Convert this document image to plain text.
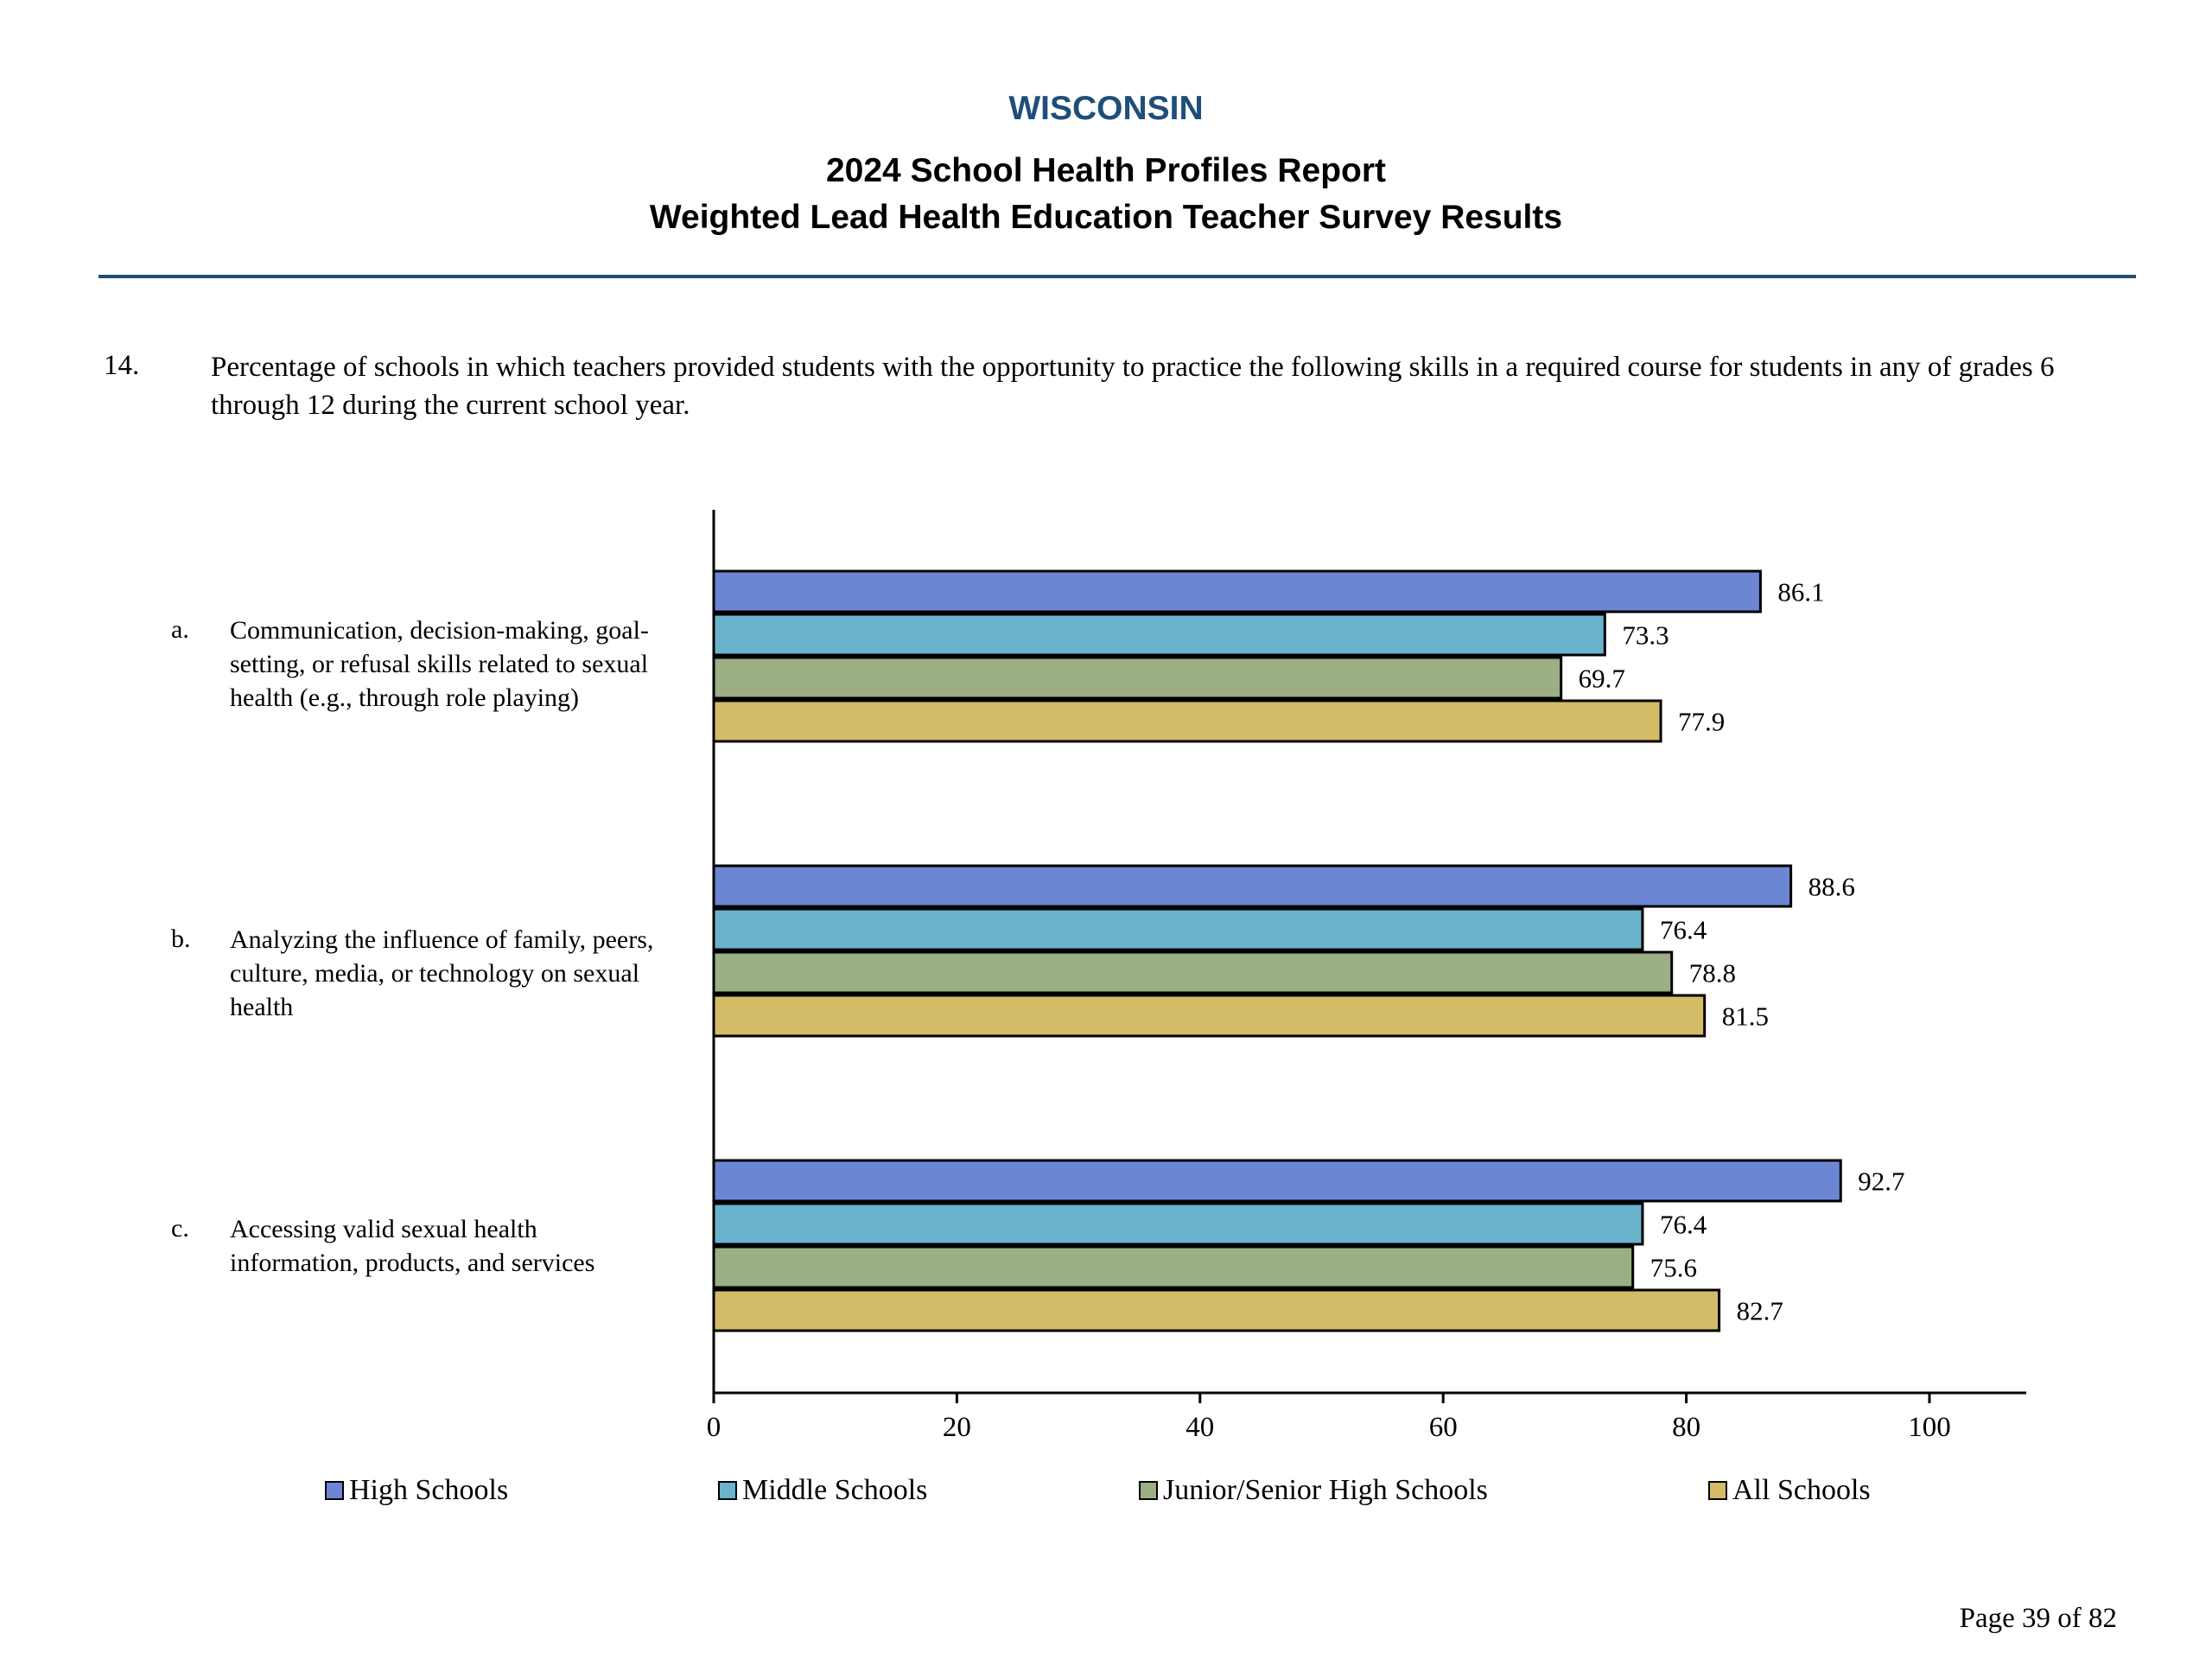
WISCONSIN
2024 School Health Profiles Report
Weighted Lead Health Education Teacher Survey Results
14.	Percentage of schools in which teachers provided students with the opportunity to practice the following skills in a required course for students in any of grades 6 through 12 during the current school year.
a. Communication, decision-making, goal-
setting, or refusal skills related to sexual
health (e.g., through role playing)
b. Analyzing the influence of family, peers,
culture, media, or technology on sexual
health
c. Accessing valid sexual health
information, products, and services
86.1
88.6
92.7
73.3
76.4
76.4
69.7
78.8
75.6
77.9
81.5
82.7
0	20	40	60	80	100
High Schools	Middle Schools	Junior/Senior High Schools	All Schools
Page 39 of 82
